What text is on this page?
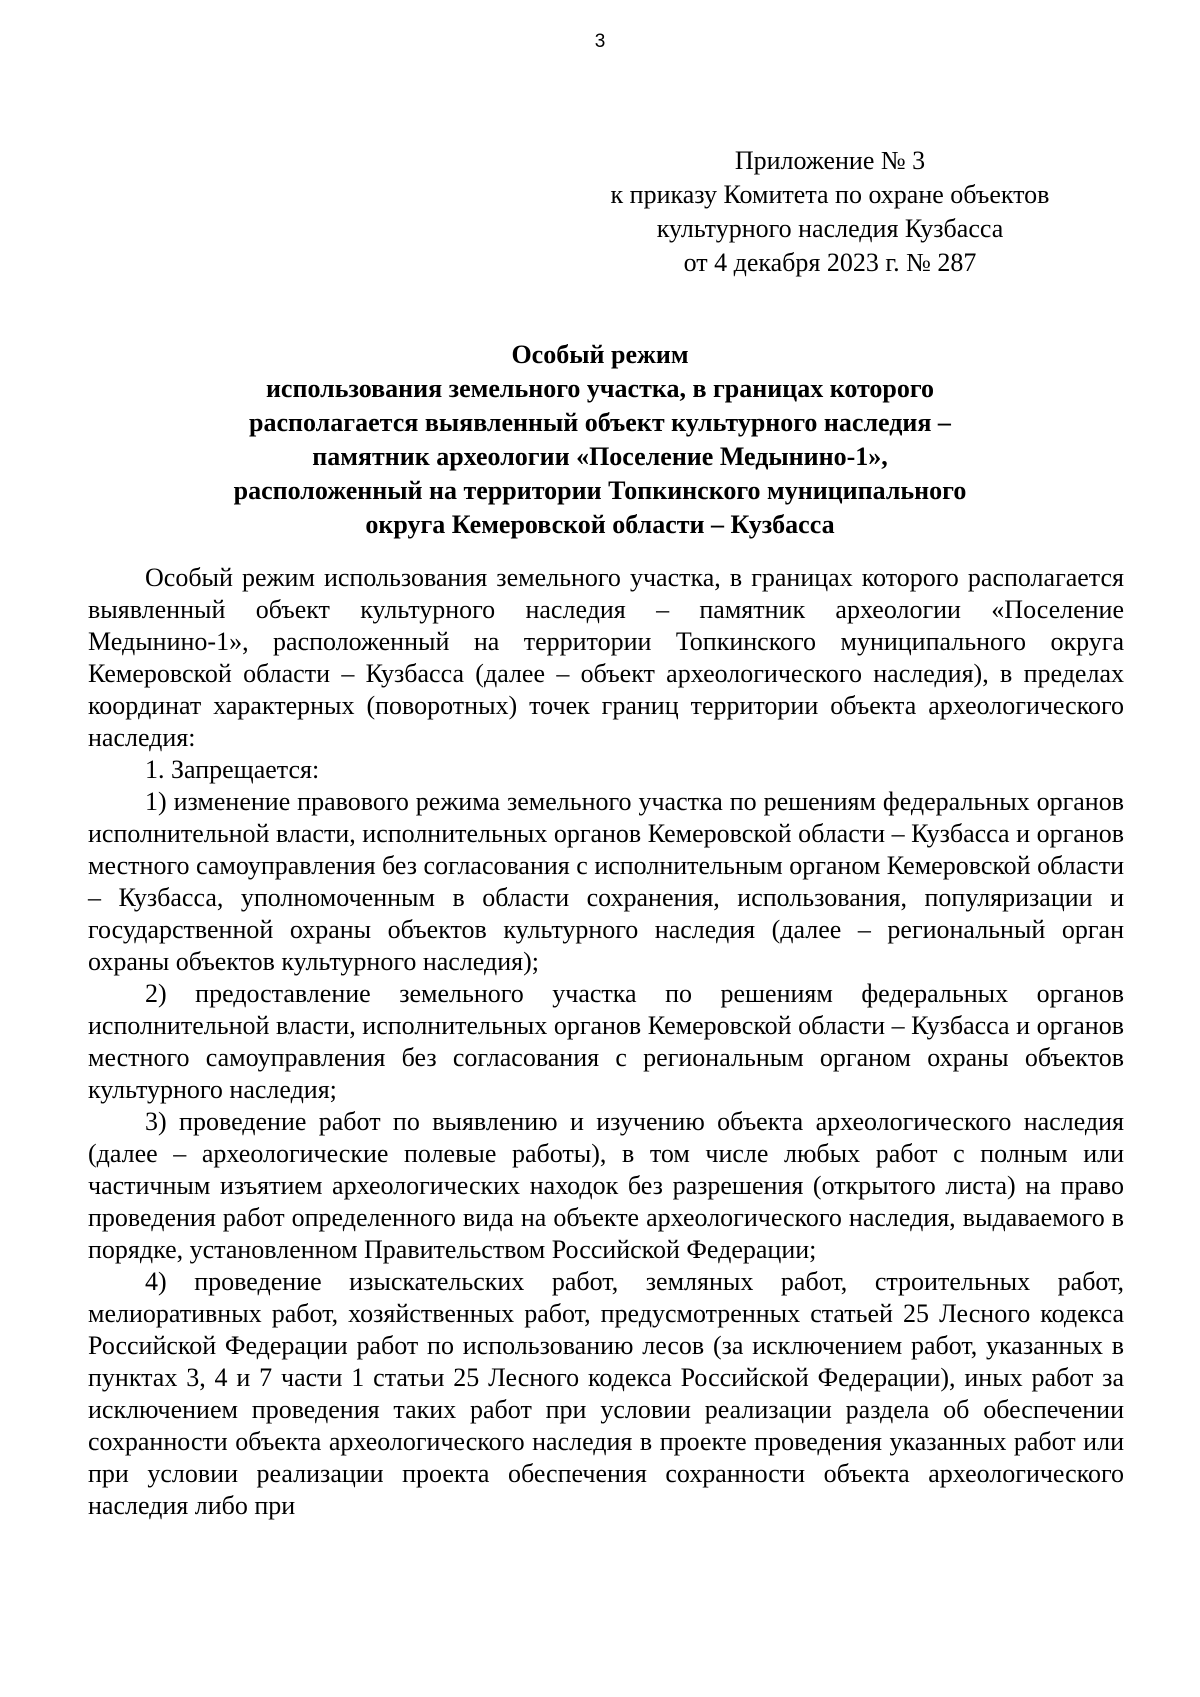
3
Приложение № 3
к приказу Комитета по охране объектов
культурного наследия Кузбасса
от 4 декабря 2023 г. № 287
Особый режим
использования земельного участка, в границах которого
располагается выявленный объект культурного наследия –
памятник археологии «Поселение Медынино-1»,
расположенный на территории Топкинского муниципального
округа Кемеровской области – Кузбасса

Особый режим использования земельного участка, в границах которого располагается выявленный объект культурного наследия – памятник археологии «Поселение Медынино-1», расположенный на территории Топкинского муниципального округа Кемеровской области – Кузбасса (далее – объект археологического наследия), в пределах координат характерных (поворотных) точек границ территории объекта археологического наследия:

1. Запрещается:

1) изменение правового режима земельного участка по решениям федеральных органов исполнительной власти, исполнительных органов Кемеровской области – Кузбасса и органов местного самоуправления без согласования с исполнительным органом Кемеровской области – Кузбасса, уполномоченным в области сохранения, использования, популяризации и государственной охраны объектов культурного наследия (далее – региональный орган охраны объектов культурного наследия);

2) предоставление земельного участка по решениям федеральных органов исполнительной власти, исполнительных органов Кемеровской области – Кузбасса и органов местного самоуправления без согласования с региональным органом охраны объектов культурного наследия;

3) проведение работ по выявлению и изучению объекта археологического наследия (далее – археологические полевые работы), в том числе любых работ с полным или частичным изъятием археологических находок без разрешения (открытого листа) на право проведения работ определенного вида на объекте археологического наследия, выдаваемого в порядке, установленном Правительством Российской Федерации;

4) проведение изыскательских работ, земляных работ, строительных работ, мелиоративных работ, хозяйственных работ, предусмотренных статьей 25 Лесного кодекса Российской Федерации работ по использованию лесов (за исключением работ, указанных в пунктах 3, 4 и 7 части 1 статьи 25 Лесного кодекса Российской Федерации), иных работ за исключением проведения таких работ при условии реализации раздела об обеспечении сохранности объекта археологического наследия в проекте проведения указанных работ или при условии реализации проекта обеспечения сохранности объекта археологического наследия либо при
